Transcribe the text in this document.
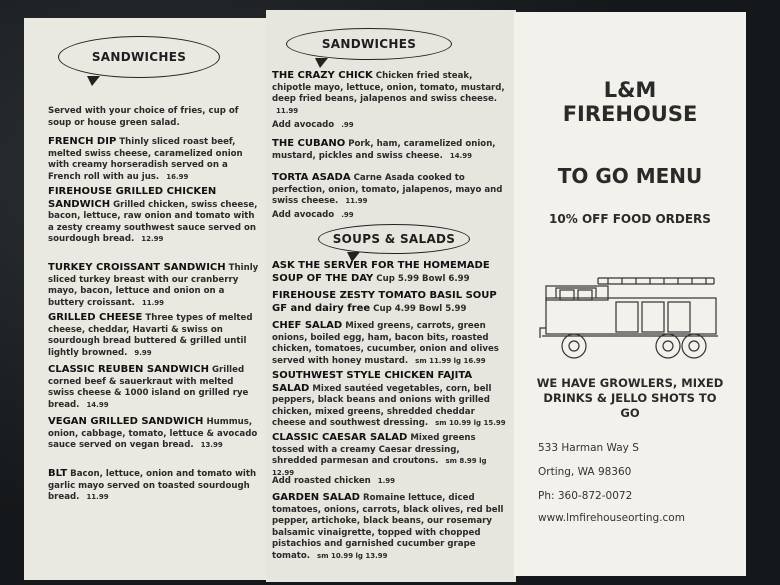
SANDWICHES
Served with your choice of fries, cup of soup or house green salad.
FRENCH DIP Thinly sliced roast beef, melted swiss cheese, caramelized onion with creamy horseradish served on a French roll with au jus. 16.99
FIREHOUSE GRILLED CHICKEN SANDWICH Grilled chicken, swiss cheese, bacon, lettuce, raw onion and tomato with a zesty creamy southwest sauce served on sourdough bread. 12.99
TURKEY CROISSANT SANDWICH Thinly sliced turkey breast with our cranberry mayo, bacon, lettuce and onion on a buttery croissant. 11.99
GRILLED CHEESE Three types of melted cheese, cheddar, Havarti & swiss on sourdough bread buttered & grilled until lightly browned. 9.99
CLASSIC REUBEN SANDWICH Grilled corned beef & sauerkraut with melted swiss cheese & 1000 island on grilled rye bread. 14.99
VEGAN GRILLED SANDWICH Hummus, onion, cabbage, tomato, lettuce & avocado sauce served on vegan bread. 13.99
BLT Bacon, lettuce, onion and tomato with garlic mayo served on toasted sourdough bread. 11.99
SANDWICHES
THE CRAZY CHICK Chicken fried steak, chipotle mayo, lettuce, onion, tomato, mustard, deep fried beans, jalapenos and swiss cheese. 11.99
Add avocado .99
THE CUBANO Pork, ham, caramelized onion, mustard, pickles and swiss cheese. 14.99
TORTA ASADA Carne Asada cooked to perfection, onion, tomato, jalapenos, mayo and swiss cheese. 11.99
Add avocado .99
SOUPS & SALADS
ASK THE SERVER FOR THE HOMEMADE SOUP OF THE DAY Cup 5.99 Bowl 6.99
FIREHOUSE ZESTY TOMATO BASIL SOUP GF and dairy free Cup 4.99 Bowl 5.99
CHEF SALAD Mixed greens, carrots, green onions, boiled egg, ham, bacon bits, roasted chicken, tomatoes, cucumber, onion and olives served with honey mustard. sm 11.99 lg 16.99
SOUTHWEST STYLE CHICKEN FAJITA SALAD Mixed sautéed vegetables, corn, bell peppers, black beans and onions with grilled chicken, mixed greens, shredded cheddar cheese and southwest dressing. sm 10.99 lg 15.99
CLASSIC CAESAR SALAD Mixed greens tossed with a creamy Caesar dressing, shredded parmesan and croutons. sm 8.99 lg 12.99
Add roasted chicken 1.99
GARDEN SALAD Romaine lettuce, diced tomatoes, onions, carrots, black olives, red bell pepper, artichoke, black beans, our rosemary balsamic vinaigrette, topped with chopped pistachios and garnished cucumber grape tomato. sm 10.99 lg 13.99
L&M
FIREHOUSE
TO GO MENU
10% OFF FOOD ORDERS
WE HAVE GROWLERS, MIXED DRINKS & JELLO SHOTS TO GO
533 Harman Way S
Orting, WA 98360
Ph: 360-872-0072
www.lmfirehouseorting.com
